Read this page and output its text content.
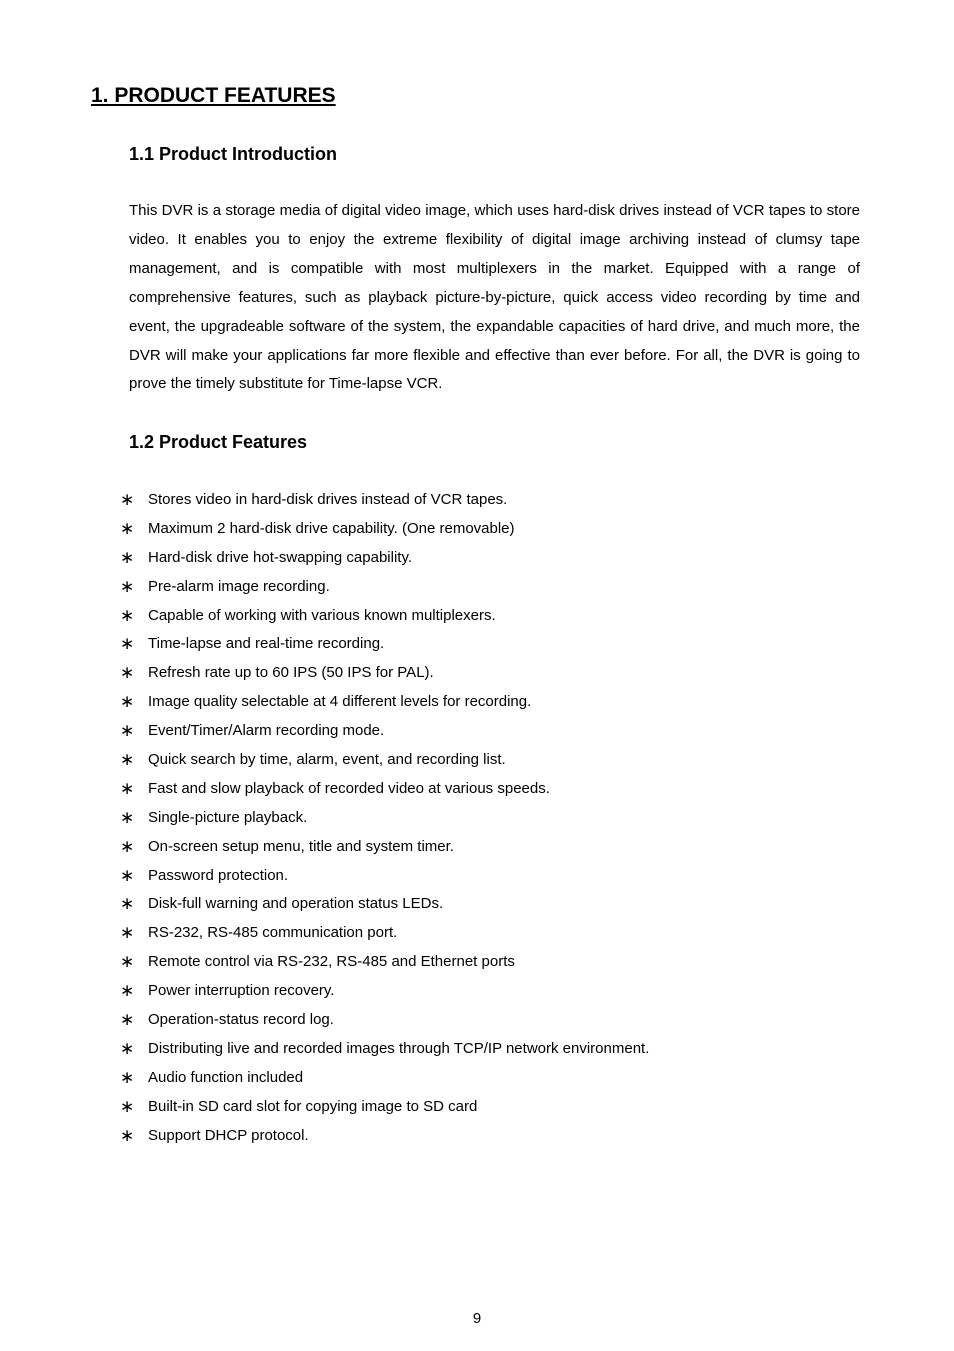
1. PRODUCT FEATURES
1.1 Product Introduction

This DVR is a storage media of digital video image, which uses hard-disk drives instead of VCR tapes to store video. It enables you to enjoy the extreme flexibility of digital image archiving instead of clumsy tape management, and is compatible with most multiplexers in the market. Equipped with a range of comprehensive features, such as playback picture-by-picture, quick access video recording by time and event, the upgradeable software of the system, the expandable capacities of hard drive, and much more, the DVR will make your applications far more flexible and effective than ever before. For all, the DVR is going to prove the timely substitute for Time-lapse VCR.

1.2 Product Features
∗ Stores video in hard-disk drives instead of VCR tapes.
∗ Maximum 2 hard-disk drive capability. (One removable)
∗ Hard-disk drive hot-swapping capability.
∗ Pre-alarm image recording.
∗ Capable of working with various known multiplexers.
∗ Time-lapse and real-time recording.
∗ Refresh rate up to 60 IPS (50 IPS for PAL).
∗ Image quality selectable at 4 different levels for recording.
∗ Event/Timer/Alarm recording mode.
∗ Quick search by time, alarm, event, and recording list.
∗ Fast and slow playback of recorded video at various speeds.
∗ Single-picture playback.
∗ On-screen setup menu, title and system timer.
∗ Password protection.
∗ Disk-full warning and operation status LEDs.
∗ RS-232, RS-485 communication port.
∗ Remote control via RS-232, RS-485 and Ethernet ports
∗ Power interruption recovery.
∗ Operation-status record log.
∗ Distributing live and recorded images through TCP/IP network environment.
∗ Audio function included
∗ Built-in SD card slot for copying image to SD card
∗ Support DHCP protocol.
9
